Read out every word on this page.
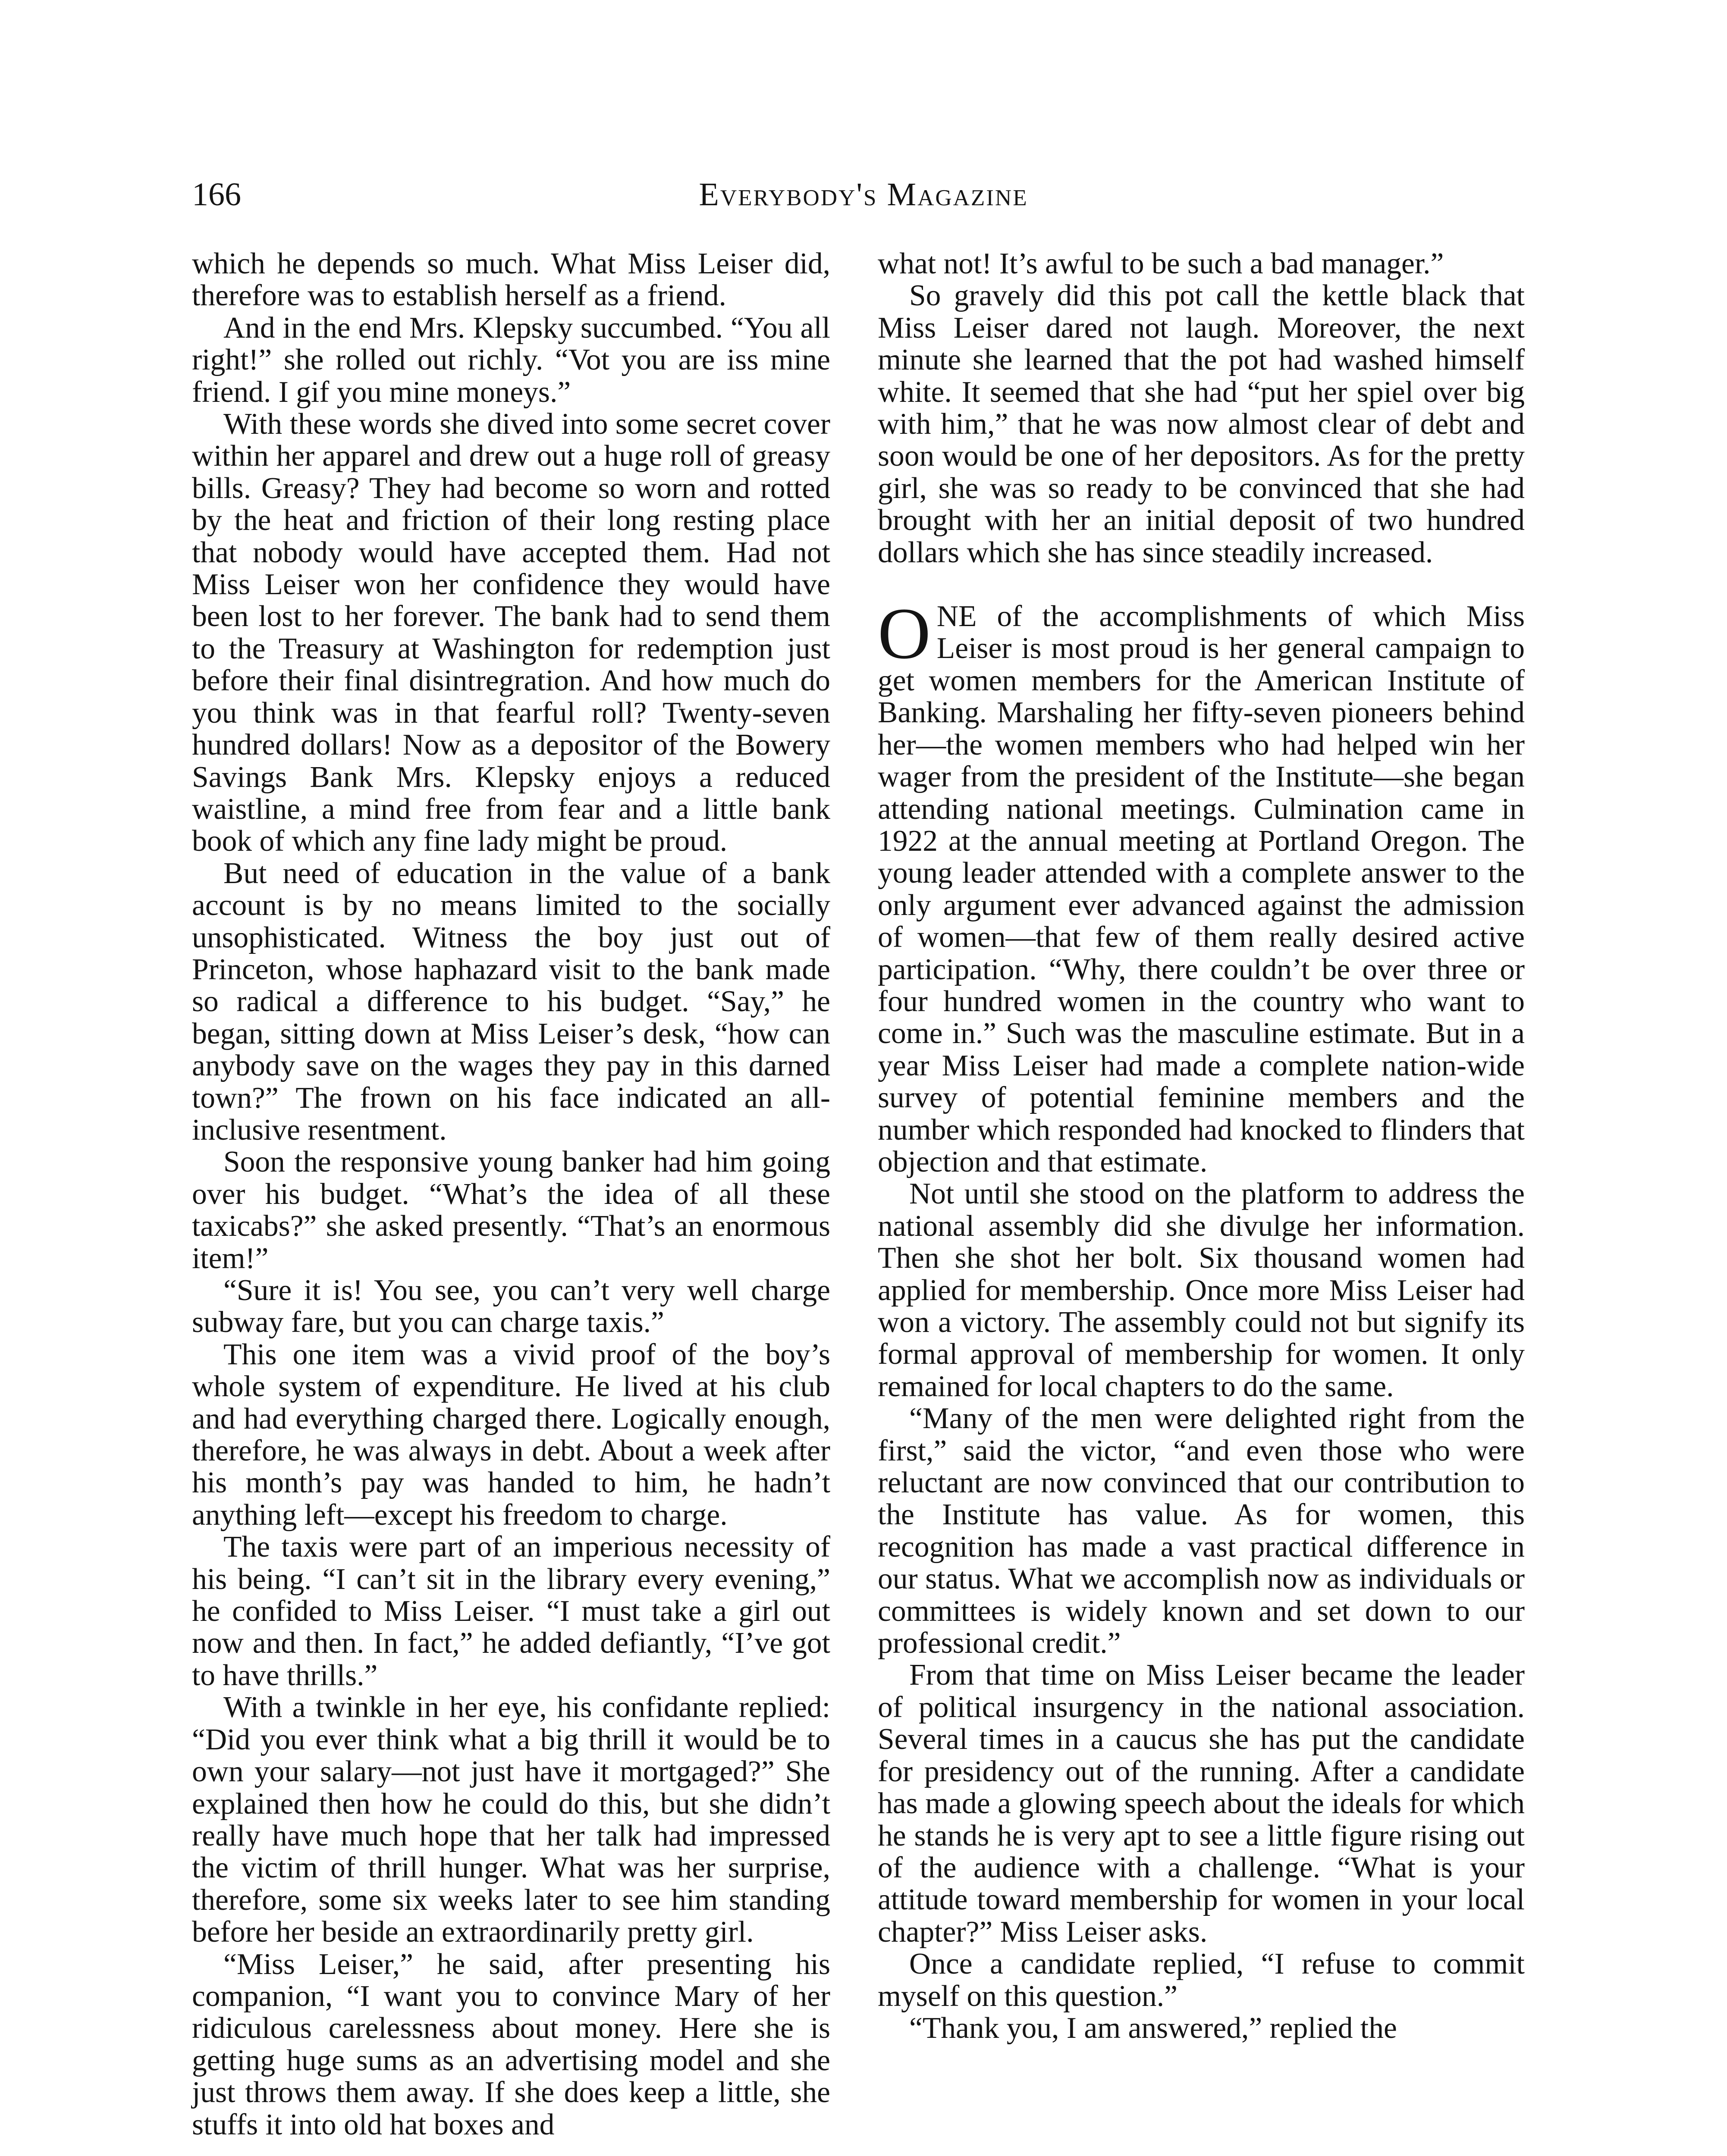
166	Everybody's Magazine

which he depends so much. What Miss Leiser did, therefore was to establish herself as a friend.

And in the end Mrs. Klepsky succumbed. “You all right!” she rolled out richly. “Vot you are iss mine friend. I gif you mine moneys.”

With these words she dived into some secret cover within her apparel and drew out a huge roll of greasy bills. Greasy? They had become so worn and rotted by the heat and friction of their long resting place that nobody would have accepted them. Had not Miss Leiser won her confidence they would have been lost to her forever. The bank had to send them to the Treasury at Washington for redemption just before their final disintregration. And how much do you think was in that fearful roll? Twenty-seven hundred dollars! Now as a depositor of the Bowery Savings Bank Mrs. Klepsky enjoys a reduced waistline, a mind free from fear and a little bank book of which any fine lady might be proud.

But need of education in the value of a bank account is by no means limited to the socially unsophisticated. Witness the boy just out of Princeton, whose haphazard visit to the bank made so radical a difference to his budget. “Say,” he began, sitting down at Miss Leiser’s desk, “how can anybody save on the wages they pay in this darned town?” The frown on his face indicated an all-inclusive resentment.

Soon the responsive young banker had him going over his budget. “What’s the idea of all these taxicabs?” she asked presently. “That’s an enormous item!”

“Sure it is! You see, you can’t very well charge subway fare, but you can charge taxis.”

This one item was a vivid proof of the boy’s whole system of expenditure. He lived at his club and had everything charged there. Logically enough, therefore, he was always in debt. About a week after his month’s pay was handed to him, he hadn’t anything left—except his freedom to charge.

The taxis were part of an imperious necessity of his being. “I can’t sit in the library every evening,” he confided to Miss Leiser. “I must take a girl out now and then. In fact,” he added defiantly, “I’ve got to have thrills.”

With a twinkle in her eye, his confidante replied: “Did you ever think what a big thrill it would be to own your salary—not just have it mortgaged?” She explained then how he could do this, but she didn’t really have much hope that her talk had impressed the victim of thrill hunger. What was her surprise, therefore, some six weeks later to see him standing before her beside an extraordinarily pretty girl.

“Miss Leiser,” he said, after presenting his companion, “I want you to convince Mary of her ridiculous carelessness about money. Here she is getting huge sums as an advertising model and she just throws them away. If she does keep a little, she stuffs it into old hat boxes and

what not! It’s awful to be such a bad manager.”

So gravely did this pot call the kettle black that Miss Leiser dared not laugh. Moreover, the next minute she learned that the pot had washed himself white. It seemed that she had “put her spiel over big with him,” that he was now almost clear of debt and soon would be one of her depositors. As for the pretty girl, she was so ready to be convinced that she had brought with her an initial deposit of two hundred dollars which she has since steadily increased.

ONE of the accomplishments of which Miss Leiser is most proud is her general campaign to get women members for the American Institute of Banking. Marshaling her fifty-seven pioneers behind her—the women members who had helped win her wager from the president of the Institute—she began attending national meetings. Culmination came in 1922 at the annual meeting at Portland Oregon. The young leader attended with a complete answer to the only argument ever advanced against the admission of women—that few of them really desired active participation. “Why, there couldn’t be over three or four hundred women in the country who want to come in.” Such was the masculine estimate. But in a year Miss Leiser had made a complete nation-wide survey of potential feminine members and the number which responded had knocked to flinders that objection and that estimate.

Not until she stood on the platform to address the national assembly did she divulge her information. Then she shot her bolt. Six thousand women had applied for membership. Once more Miss Leiser had won a victory. The assembly could not but signify its formal approval of membership for women. It only remained for local chapters to do the same.

“Many of the men were delighted right from the first,” said the victor, “and even those who were reluctant are now convinced that our contribution to the Institute has value. As for women, this recognition has made a vast practical difference in our status. What we accomplish now as individuals or committees is widely known and set down to our professional credit.”

From that time on Miss Leiser became the leader of political insurgency in the national association. Several times in a caucus she has put the candidate for presidency out of the running. After a candidate has made a glowing speech about the ideals for which he stands he is very apt to see a little figure rising out of the audience with a challenge. “What is your attitude toward membership for women in your local chapter?” Miss Leiser asks.

Once a candidate replied, “I refuse to commit myself on this question.”

“Thank you, I am answered,” replied the
